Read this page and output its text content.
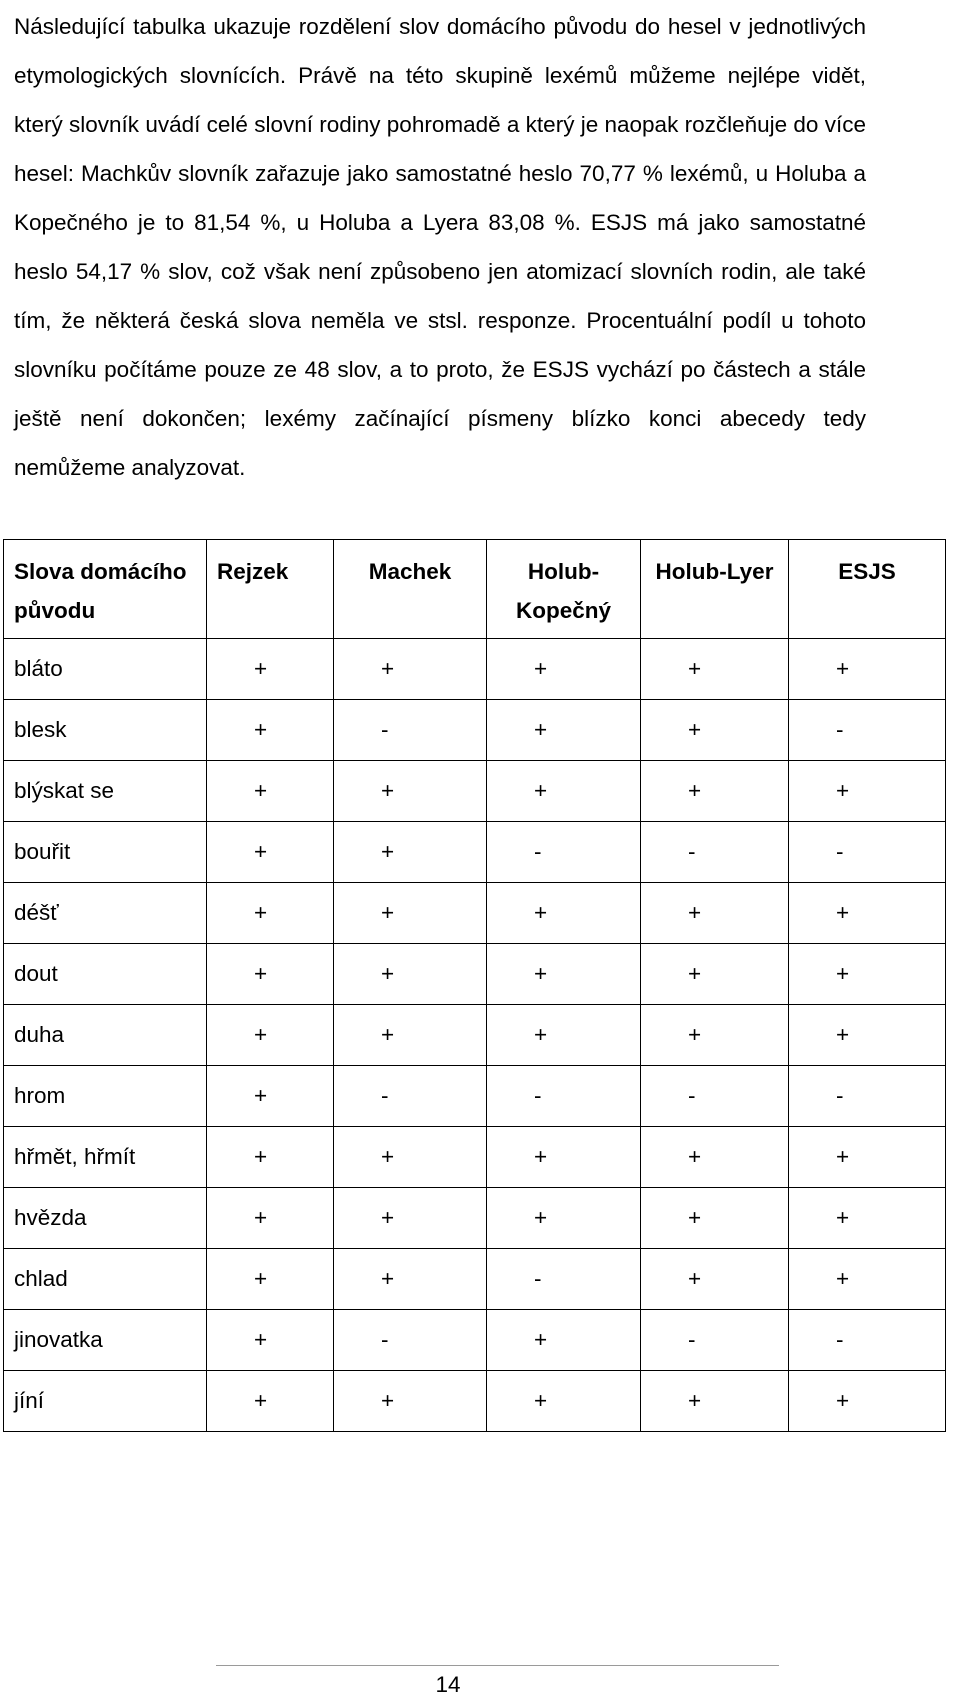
Následující tabulka ukazuje rozdělení slov domácího původu do hesel v jednotlivých etymologických slovnících. Právě na této skupině lexémů můžeme nejlépe vidět, který slovník uvádí celé slovní rodiny pohromadě a který je naopak rozčleňuje do více hesel: Machkův slovník zařazuje jako samostatné heslo 70,77 % lexémů, u Holuba a Kopečného je to 81,54 %, u Holuba a Lyera 83,08 %. ESJS má jako samostatné heslo 54,17 % slov, což však není způsobeno jen atomizací slovních rodin, ale také tím, že některá česká slova neměla ve stsl. responze. Procentuální podíl u tohoto slovníku počítáme pouze ze 48 slov, a to proto, že ESJS vychází po částech a stále ještě není dokončen; lexémy začínající písmeny blízko konci abecedy tedy nemůžeme analyzovat.

Slova domácího původu	Rejzek	Machek	Holub-Kopečný	Holub-Lyer	ESJS
bláto	+	+	+	+	+
blesk	+	-	+	+	-
blýskat se	+	+	+	+	+
bouřit	+	+	-	-	-
déšť	+	+	+	+	+
dout	+	+	+	+	+
duha	+	+	+	+	+
hrom	+	-	-	-	-
hřmět, hřmít	+	+	+	+	+
hvězda	+	+	+	+	+
chlad	+	+	-	+	+
jinovatka	+	-	+	-	-
jíní	+	+	+	+	+
14
